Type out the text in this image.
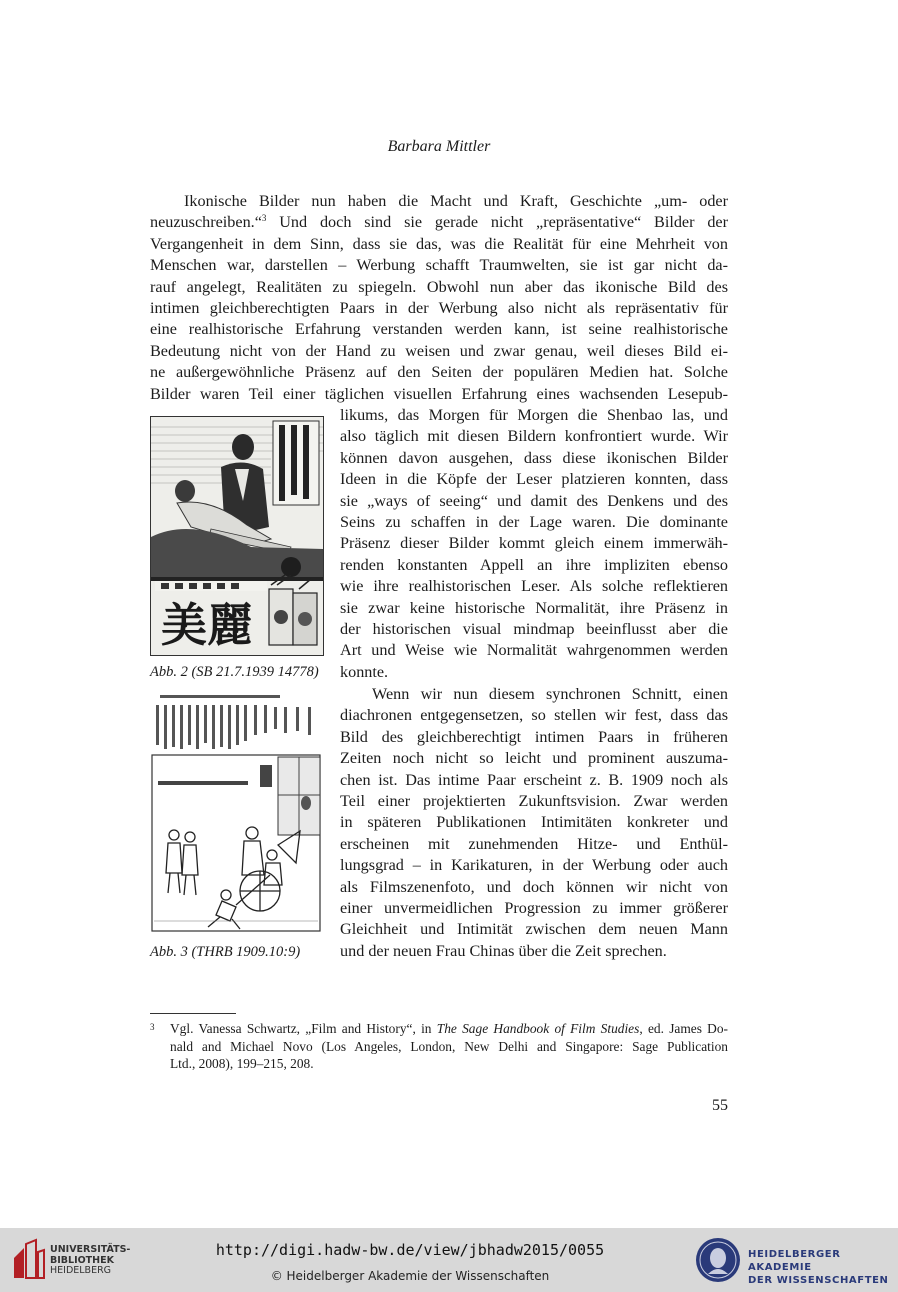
Barbara Mittler
Ikonische Bilder nun haben die Macht und Kraft, Geschichte „um- oder
neuzuschreiben.“$^3$ Und doch sind sie gerade nicht „repräsentative“ Bilder der
Vergangenheit in dem Sinn, dass sie das, was die Realität für eine Mehrheit von
Menschen war, darstellen – Werbung schafft Traumwelten, sie ist gar nicht da-
rauf angelegt, Realitäten zu spiegeln. Obwohl nun aber das ikonische Bild des
intimen gleichberechtigten Paars in der Werbung also nicht als repräsentativ für
eine realhistorische Erfahrung verstanden werden kann, ist seine realhistorische
Bedeutung nicht von der Hand zu weisen und zwar genau, weil dieses Bild ei-
ne außergewöhnliche Präsenz auf den Seiten der populären Medien hat. Solche
Bilder waren Teil einer täglichen visuellen Erfahrung eines wachsenden Lesepub-
likums, das Morgen für Morgen die Shenbao las, und
also täglich mit diesen Bildern konfrontiert wurde. Wir
können davon ausgehen, dass diese ikonischen Bilder
Ideen in die Köpfe der Leser platzieren konnten, dass
sie „ways of seeing“ und damit des Denkens und des
Seins zu schaffen in der Lage waren. Die dominante
Präsenz dieser Bilder kommt gleich einem immerwäh-
renden konstanten Appell an ihre impliziten ebenso
wie ihre realhistorischen Leser. Als solche reflektieren
sie zwar keine historische Normalität, ihre Präsenz in
der historischen visual mindmap beeinflusst aber die
Art und Weise wie Normalität wahrgenommen werden
konnte.
Wenn wir nun diesem synchronen Schnitt, einen
diachronen entgegensetzen, so stellen wir fest, dass das
Bild des gleichberechtigt intimen Paars in früheren
Zeiten noch nicht so leicht und prominent auszuma-
chen ist. Das intime Paar erscheint z. B. 1909 noch als
Teil einer projektierten Zukunftsvision. Zwar werden
in späteren Publikationen Intimitäten konkreter und
erscheinen mit zunehmenden Hitze- und Enthül-
lungsgrad – in Karikaturen, in der Werbung oder auch
als Filmszenenfoto, und doch können wir nicht von
einer unvermeidlichen Progression zu immer größerer
Gleichheit und Intimität zwischen dem neuen Mann
und der neuen Frau Chinas über die Zeit sprechen.
美麗
Abb. 2 (SB 21.7.1939 14778)
Abb. 3 (THRB 1909.10:9)
3	Vgl. Vanessa Schwartz, „Film and History“, in The Sage Handbook of Film Studies, ed. James Do-
nald and Michael Novo (Los Angeles, London, New Delhi and Singapore: Sage Publication
Ltd., 2008), 199–215, 208.
55
UNIVERSITÄTS-
BIBLIOTHEK
HEIDELBERG
http://digi.hadw-bw.de/view/jbhadw2015/0055
© Heidelberger Akademie der Wissenschaften
HEIDELBERGER AKADEMIE
DER WISSENSCHAFTEN
